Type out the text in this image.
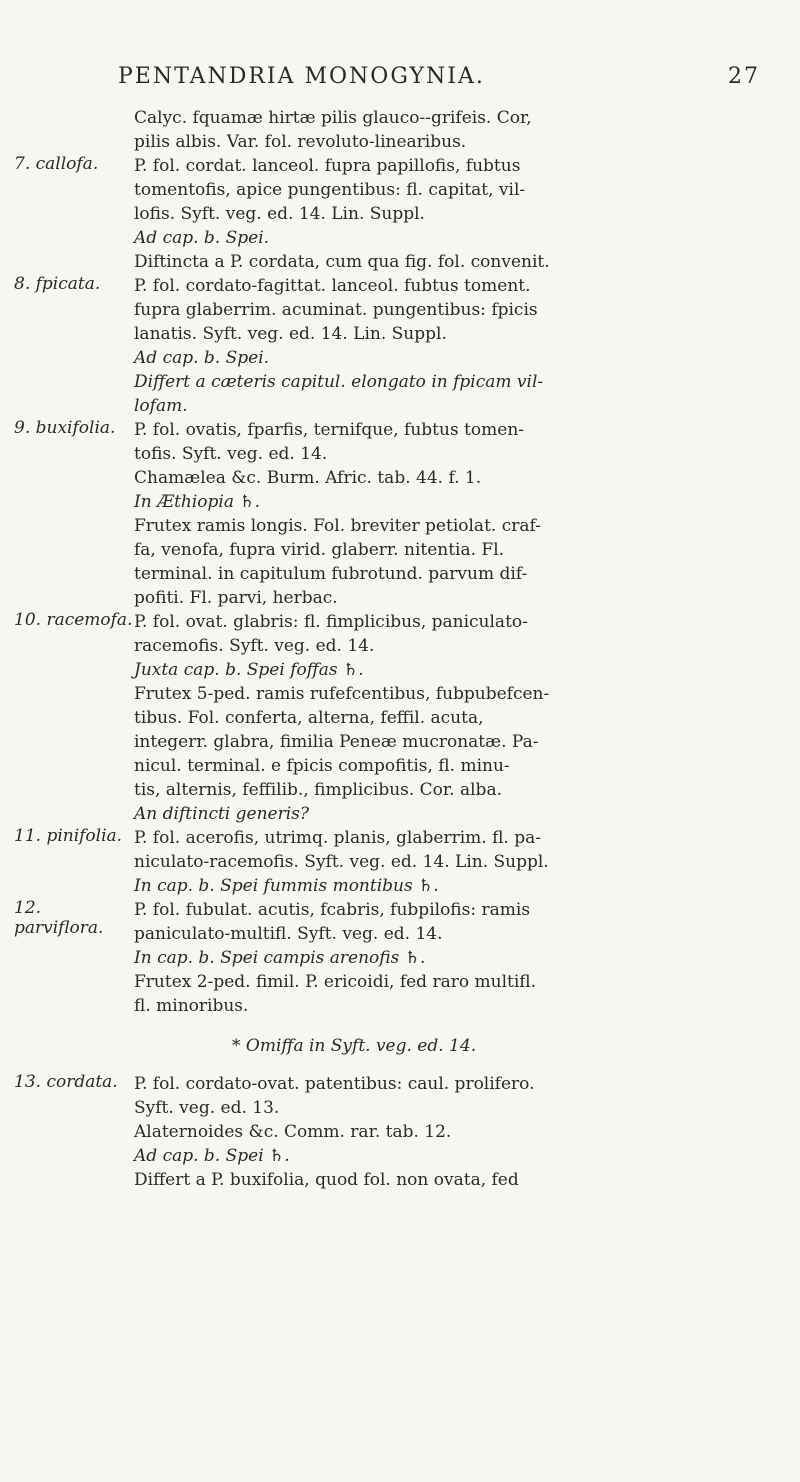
PENTANDRIA MONOGYNIA.	27

Calyc. fquamæ hirtæ pilis glauco--grifeis. Cor,

pilis albis. Var. fol. revoluto-linearibus.

7. callofa.	P. fol. cordat. lanceol. fupra papillofis, fubtus

tomentofis, apice pungentibus: fl. capitat, vil-

lofis. Syft. veg. ed. 14. Lin. Suppl.

Ad cap. b. Spei.

Diftincta a P. cordata, cum qua fig. fol. convenit.

8. fpicata.	P. fol. cordato-fagittat. lanceol. fubtus toment.

fupra glaberrim. acuminat. pungentibus: fpicis

lanatis. Syft. veg. ed. 14. Lin. Suppl.

Ad cap. b. Spei.

Differt a cæteris capitul. elongato in fpicam vil-

lofam.

9. buxifolia.	P. fol. ovatis, fparfis, ternifque, fubtus tomen-

tofis. Syft. veg. ed. 14.

Chamælea &c. Burm. Afric. tab. 44. f. 1.

In Æthiopia ♄.

Frutex ramis longis. Fol. breviter petiolat. craf-

fa, venofa, fupra virid. glaberr. nitentia. Fl.

terminal. in capitulum fubrotund. parvum dif-

pofiti. Fl. parvi, herbac.

10. racemofa. P. fol. ovat. glabris: fl. fimplicibus, paniculato-

racemofis. Syft. veg. ed. 14.

Juxta cap. b. Spei foffas ♄.

Frutex 5-ped. ramis rufefcentibus, fubpubefcen-

tibus. Fol. conferta, alterna, feffil. acuta,

integerr. glabra, fimilia Peneæ mucronatæ. Pa-

nicul. terminal. e fpicis compofitis, fl. minu-

tis, alternis, feffilib., fimplicibus. Cor. alba.

An diftincti generis?

11. pinifolia. P. fol. acerofis, utrimq. planis, glaberrim. fl. pa-

niculato-racemofis. Syft. veg. ed. 14. Lin. Suppl.

In cap. b. Spei fummis montibus ♄.

12. parviflora.

P. fol. fubulat. acutis, fcabris, fubpilofis: ramis

paniculato-multifl. Syft. veg. ed. 14.

In cap. b. Spei campis arenofis ♄.

Frutex 2-ped. fimil. P. ericoidi, fed raro multifl.

fl. minoribus.

* Omiffa in Syft. veg. ed. 14.
13. cordata. P. fol. cordato-ovat. patentibus: caul. prolifero.

Syft. veg. ed. 13.

Alaternoides &c. Comm. rar. tab. 12.

Ad cap. b. Spei ♄.

Differt a P. buxifolia, quod fol. non ovata, fed
